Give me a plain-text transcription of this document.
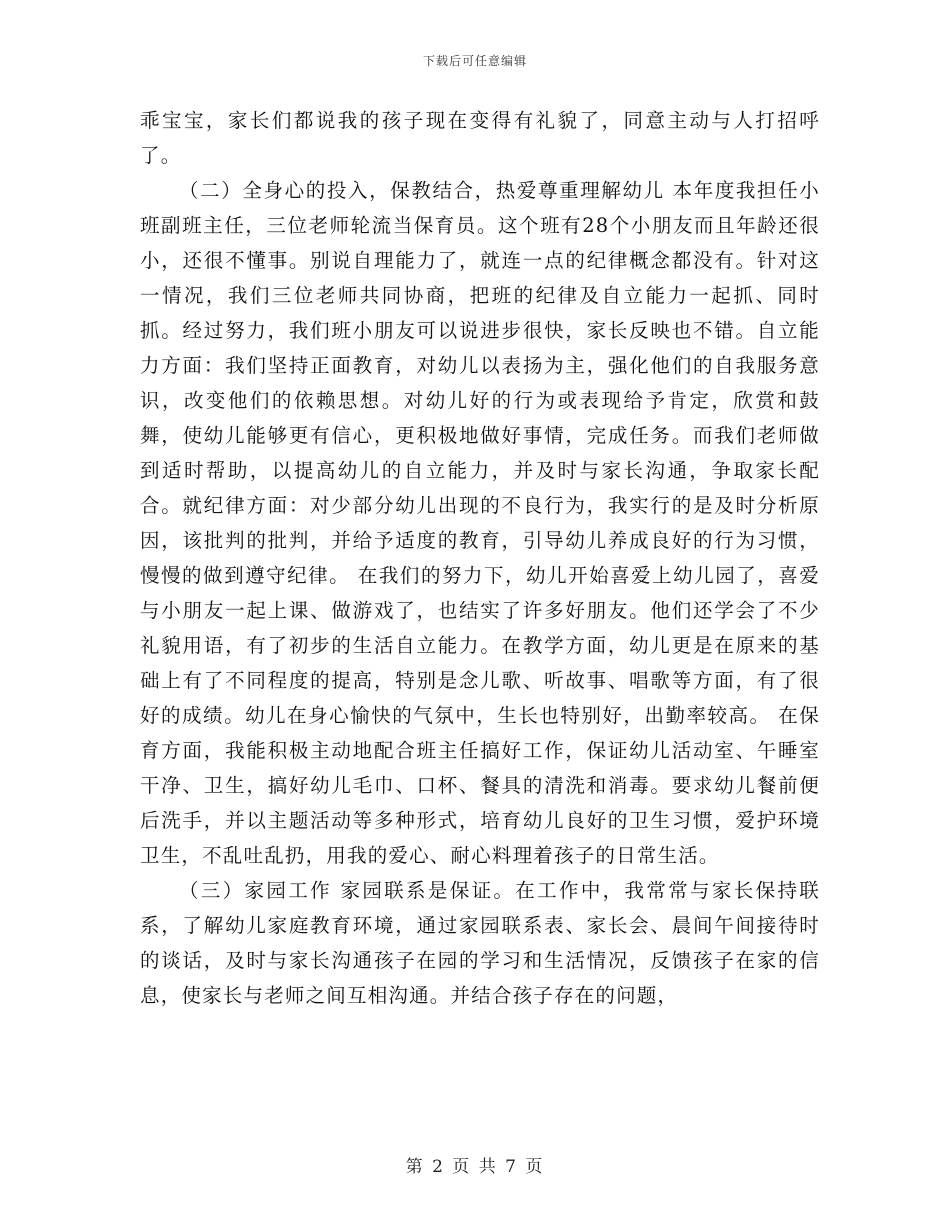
下载后可任意编辑

乖宝宝，家长们都说我的孩子现在变得有礼貌了，同意主动与人打招呼了。

（二）全身心的投入，保教结合，热爱尊重理解幼儿 本年度我担任小班副班主任，三位老师轮流当保育员。这个班有28个小朋友而且年龄还很小，还很不懂事。别说自理能力了，就连一点的纪律概念都没有。针对这一情况，我们三位老师共同协商，把班的纪律及自立能力一起抓、同时抓。经过努力，我们班小朋友可以说进步很快，家长反映也不错。自立能力方面：我们坚持正面教育，对幼儿以表扬为主，强化他们的自我服务意识，改变他们的依赖思想。对幼儿好的行为或表现给予肯定，欣赏和鼓舞，使幼儿能够更有信心，更积极地做好事情，完成任务。而我们老师做到适时帮助，以提高幼儿的自立能力，并及时与家长沟通，争取家长配合。就纪律方面：对少部分幼儿出现的不良行为，我实行的是及时分析原因，该批判的批判，并给予适度的教育，引导幼儿养成良好的行为习惯，慢慢的做到遵守纪律。 在我们的努力下，幼儿开始喜爱上幼儿园了，喜爱与小朋友一起上课、做游戏了，也结实了许多好朋友。他们还学会了不少礼貌用语，有了初步的生活自立能力。在教学方面，幼儿更是在原来的基础上有了不同程度的提高，特别是念儿歌、听故事、唱歌等方面，有了很好的成绩。幼儿在身心愉快的气氛中，生长也特别好，出勤率较高。 在保育方面，我能积极主动地配合班主任搞好工作，保证幼儿活动室、午睡室干净、卫生，搞好幼儿毛巾、口杯、餐具的清洗和消毒。要求幼儿餐前便后洗手，并以主题活动等多种形式，培育幼儿良好的卫生习惯，爱护环境卫生，不乱吐乱扔，用我的爱心、耐心料理着孩子的日常生活。

（三）家园工作 家园联系是保证。在工作中，我常常与家长保持联系，了解幼儿家庭教育环境，通过家园联系表、家长会、晨间午间接待时的谈话，及时与家长沟通孩子在园的学习和生活情况，反馈孩子在家的信息，使家长与老师之间互相沟通。并结合孩子存在的问题，

第 2 页 共 7 页
